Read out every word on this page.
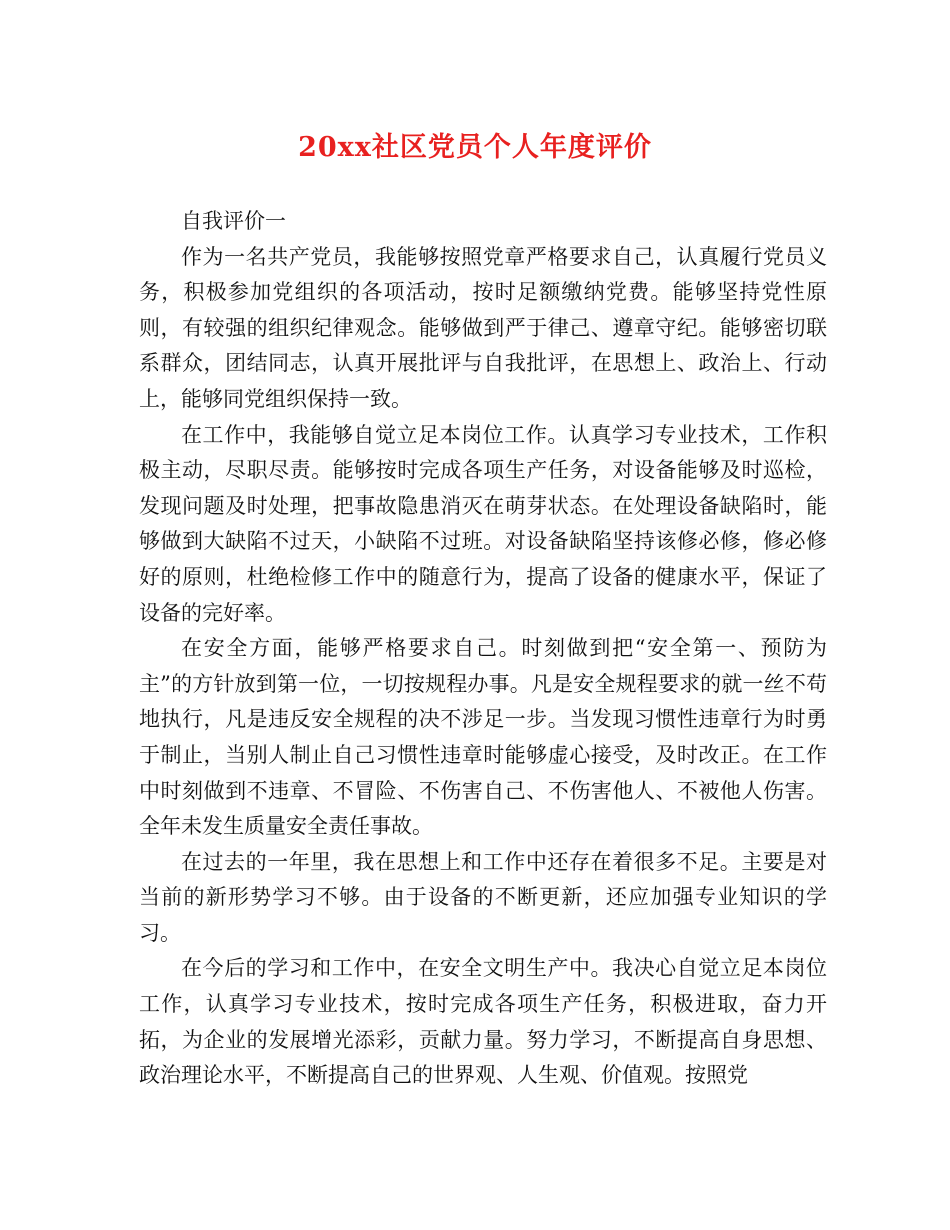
20xx社区党员个人年度评价

自我评价一

作为一名共产党员，我能够按照党章严格要求自己，认真履行党员义务，积极参加党组织的各项活动，按时足额缴纳党费。能够坚持党性原则，有较强的组织纪律观念。能够做到严于律己、遵章守纪。能够密切联系群众，团结同志，认真开展批评与自我批评，在思想上、政治上、行动上，能够同党组织保持一致。

在工作中，我能够自觉立足本岗位工作。认真学习专业技术，工作积极主动，尽职尽责。能够按时完成各项生产任务，对设备能够及时巡检，发现问题及时处理，把事故隐患消灭在萌芽状态。在处理设备缺陷时，能够做到大缺陷不过天，小缺陷不过班。对设备缺陷坚持该修必修，修必修好的原则，杜绝检修工作中的随意行为，提高了设备的健康水平，保证了设备的完好率。

在安全方面，能够严格要求自己。时刻做到把“安全第一、预防为主”的方针放到第一位，一切按规程办事。凡是安全规程要求的就一丝不苟地执行，凡是违反安全规程的决不涉足一步。当发现习惯性违章行为时勇于制止，当别人制止自己习惯性违章时能够虚心接受，及时改正。在工作中时刻做到不违章、不冒险、不伤害自己、不伤害他人、不被他人伤害。全年未发生质量安全责任事故。

在过去的一年里，我在思想上和工作中还存在着很多不足。主要是对当前的新形势学习不够。由于设备的不断更新，还应加强专业知识的学习。

在今后的学习和工作中，在安全文明生产中。我决心自觉立足本岗位工作，认真学习专业技术，按时完成各项生产任务，积极进取，奋力开拓，为企业的发展增光添彩，贡献力量。努力学习，不断提高自身思想、政治理论水平，不断提高自己的世界观、人生观、价值观。按照党
